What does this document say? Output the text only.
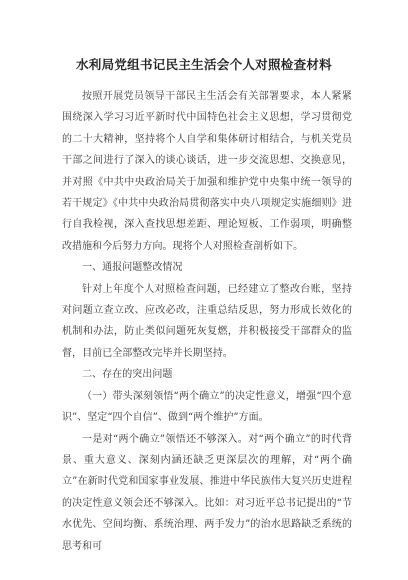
水利局党组书记民主生活会个人对照检查材料

按照开展党员领导干部民主生活会有关部署要求，本人紧紧围绕深入学习习近平新时代中国特色社会主义思想，学习贯彻党的二十大精神，坚持将个人自学和集体研讨相结合，与机关党员干部之间进行了深入的谈心谈话，进一步交流思想、交换意见，并对照《中共中央政治局关于加强和维护党中央集中统一领导的若干规定》《中共中央政治局贯彻落实中央八项规定实施细则》进行自我检视，深入查找思想差距、理论短板、工作弱项，明确整改措施和今后努力方向。现将个人对照检查剖析如下。

一、通报问题整改情况

针对上年度个人对照检查问题，已经建立了整改台账，坚持对问题立查立改、应改必改，注重总结反思，努力形成长效化的机制和办法，防止类似问题死灰复燃，并积极接受干部群众的监督，目前已全部整改完毕并长期坚持。

二、存在的突出问题

（一）带头深刻领悟“两个确立”的决定性意义，增强“四个意识”、坚定“四个自信”、做到“两个维护”方面。

一是对“两个确立”领悟还不够深入。对“两个确立”的时代背景、重大意义、深刻内涵还缺乏更深层次的理解，对“两个确立”在新时代党和国家事业发展、推进中华民族伟大复兴历史进程的决定性意义领会还不够深入。比如：对习近平总书记提出的“节水优先、空间均衡、系统治理、两手发力”的治水思路缺乏系统的思考和可
